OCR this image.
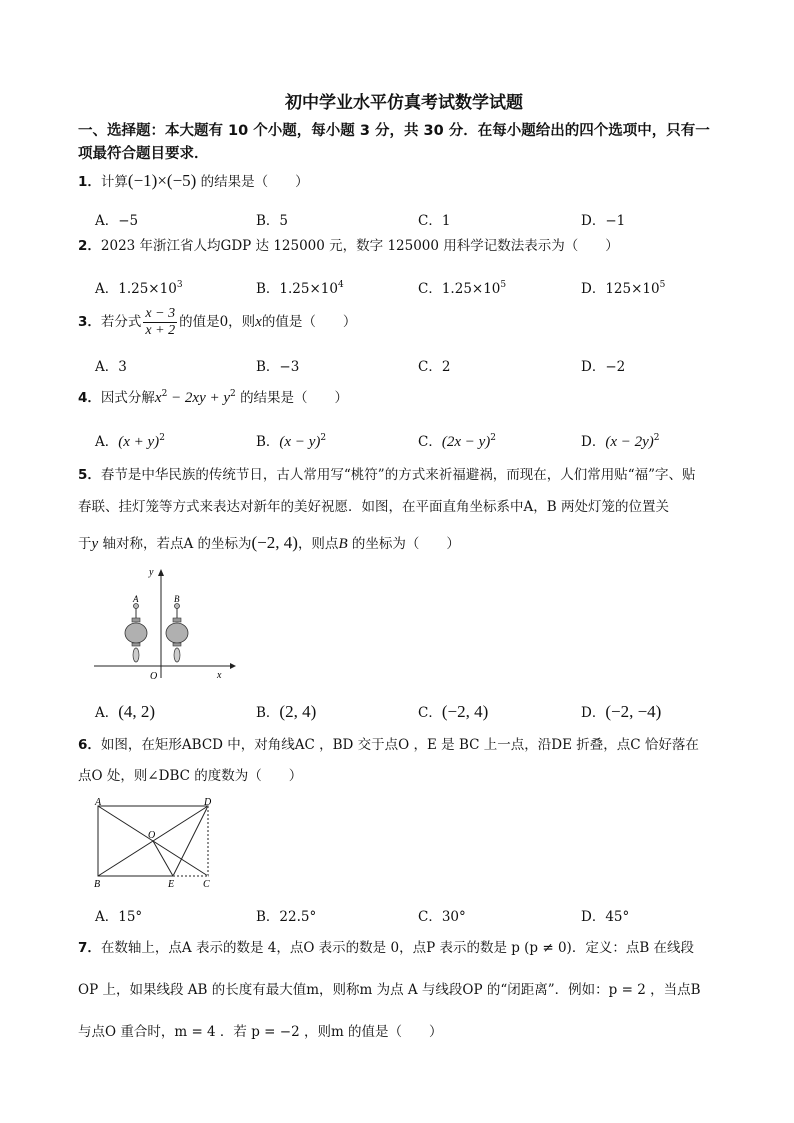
初中学业水平仿真考试数学试题
一、选择题：本大题有 10 个小题，每小题 3 分，共 30 分．在每小题给出的四个选项中，只有一
项最符合题目要求．
1．计算(−1)×(−5) 的结果是（　　）
A．−5	B．5	C．1	D．−1
2．2023 年浙江省人均GDP 达 125000 元，数字 125000 用科学记数法表示为（　　）
A．$1.25\times 10^3$	B．$1.25\times 10^4$	C．$1.25\times 10^5$	D．$125\times 10^5$
3．若分式 $\frac{x - 3}{x + 2}$ 的值是0，则x的值是（　　）
A．3	B．−3	C．2	D．−2
4．因式分解$x^2 - 2xy + y^2$ 的结果是（　　）
A．$(x + y)^2$	B．$(x - y)^2$	C．$(2x - y)^2$	D．$(x - 2y)^2$
5．春节是中华民族的传统节日，古人常用写“桃符”的方式来祈福避祸，而现在，人们常用贴“福”字、贴
春联、挂灯笼等方式来表达对新年的美好祝愿．如图，在平面直角坐标系中A，B 两处灯笼的位置关
于y 轴对称，若点A 的坐标为(−2, 4)，则点B 的坐标为（　　）
y
x
O
A	B
A．(4, 2)	B．(2, 4)	C．(−2, 4)	D．(−2, −4)
6．如图，在矩形ABCD 中，对角线AC ，BD 交于点O ，E 是 BC 上一点，沿DE 折叠，点C 恰好落在
点O 处，则∠DBC 的度数为（　　）
A	D
B	C
E
O
A．15°	B．22.5°	C．30°	D．45°
7．在数轴上，点A 表示的数是 4，点O 表示的数是 0，点P 表示的数是 p (p ≠ 0)．定义：点B 在线段
OP 上，如果线段 AB 的长度有最大值m，则称m 为点 A 与线段OP 的“闭距离”．例如：p = 2 ，当点B
与点O 重合时，m = 4 ．若 p = −2 ，则m 的值是（　　）
